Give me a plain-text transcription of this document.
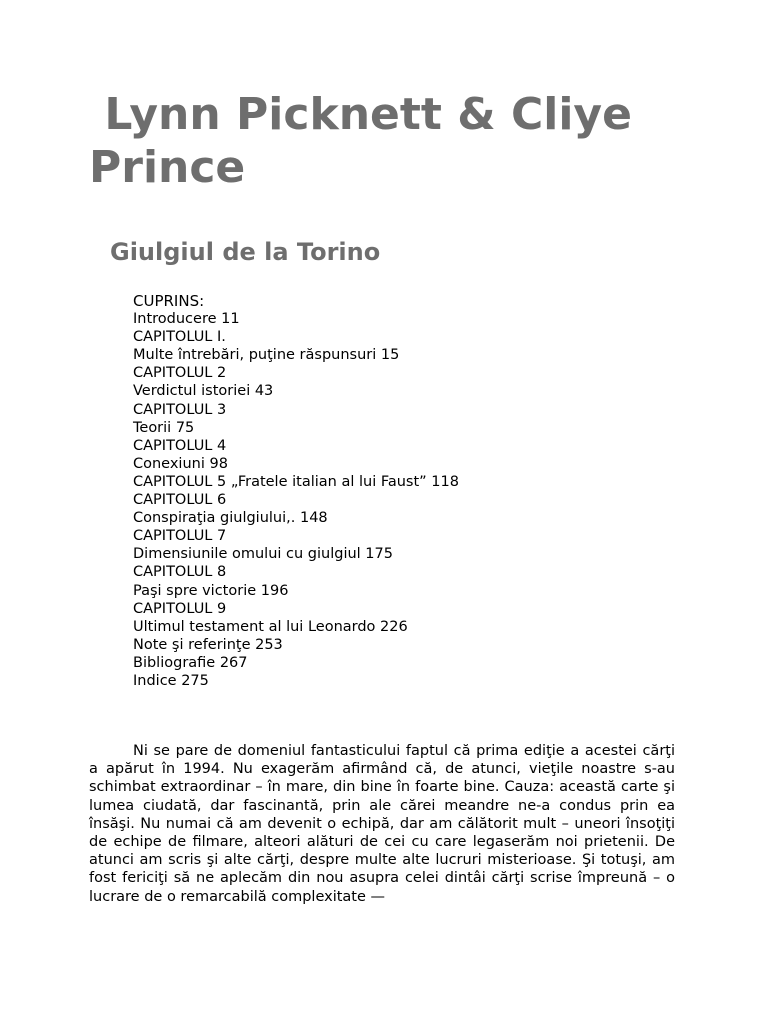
Lynn Picknett & Cliye Prince
Giulgiul de la Torino
CUPRINS:
Introducere 11
CAPITOLUL I.
Multe întrebări, puţine răspunsuri 15
CAPITOLUL 2
Verdictul istoriei 43
CAPITOLUL 3
Teorii 75
CAPITOLUL 4
Conexiuni 98
CAPITOLUL 5 „Fratele italian al lui Faust” 118
CAPITOLUL 6
Conspiraţia giulgiului,. 148
CAPITOLUL 7
Dimensiunile omului cu giulgiul 175
CAPITOLUL 8
Paşi spre victorie 196
CAPITOLUL 9
Ultimul testament al lui Leonardo 226
Note şi referinţe 253
Bibliografie 267
Indice 275

Ni se pare de domeniul fantasticului faptul că prima ediţie a acestei cărţi a apărut în 1994. Nu exagerăm afirmând că, de atunci, vieţile noastre s-au schimbat extraordinar – în mare, din bine în foarte bine. Cauza: această carte şi lumea ciudată, dar fascinantă, prin ale cărei meandre ne-a condus prin ea însăşi. Nu numai că am devenit o echipă, dar am călătorit mult – uneori însoţiţi de echipe de filmare, alteori alături de cei cu care legaserăm noi prietenii. De atunci am scris şi alte cărţi, despre multe alte lucruri misterioase. Şi totuşi, am fost fericiţi să ne aplecăm din nou asupra celei dintâi cărţi scrise împreună – o lucrare de o remarcabilă complexitate —
